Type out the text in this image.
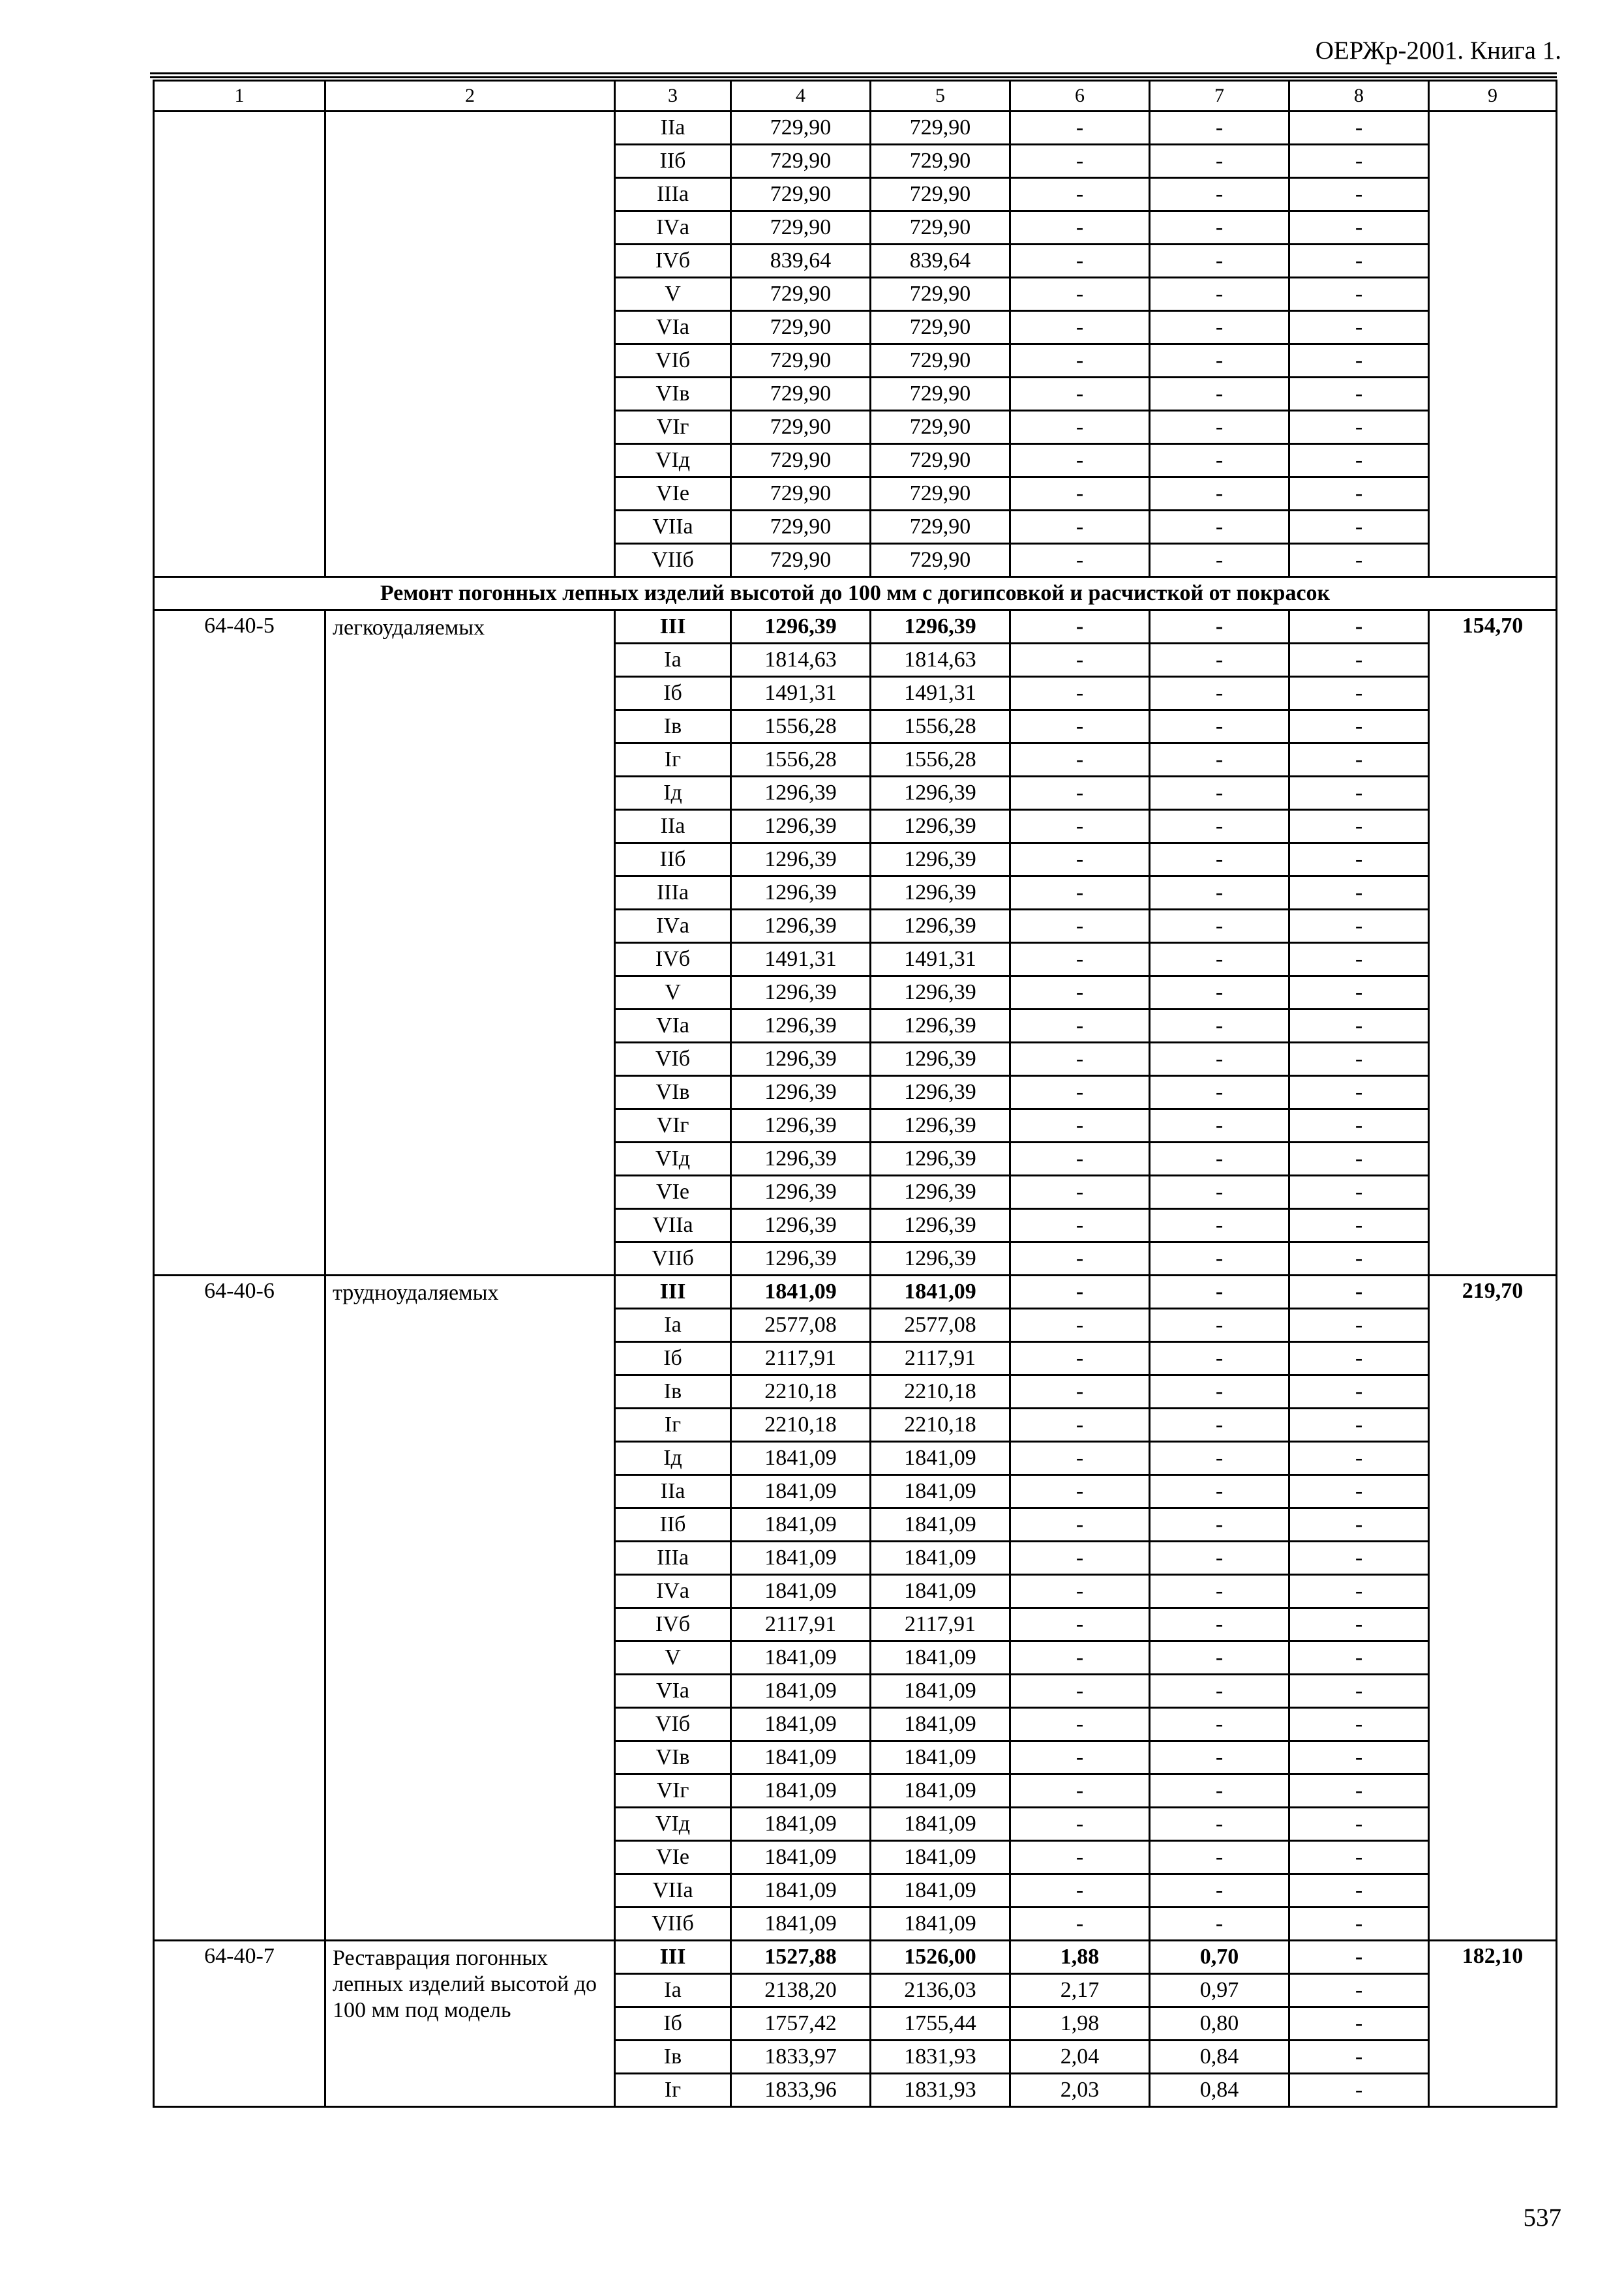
ОЕРЖр-2001. Книга 1.
1	2	3	4	5	6	7	8	9
		IIа	729,90	729,90	-	-	-	
		IIб	729,90	729,90	-	-	-	
		IIIа	729,90	729,90	-	-	-	
		IVа	729,90	729,90	-	-	-	
		IVб	839,64	839,64	-	-	-	
		V	729,90	729,90	-	-	-	
		VIа	729,90	729,90	-	-	-	
		VIб	729,90	729,90	-	-	-	
		VIв	729,90	729,90	-	-	-	
		VIг	729,90	729,90	-	-	-	
		VIд	729,90	729,90	-	-	-	
		VIе	729,90	729,90	-	-	-	
		VIIа	729,90	729,90	-	-	-	
		VIIб	729,90	729,90	-	-	-	
Ремонт погонных лепных изделий высотой до 100 мм с догипсовкой и расчисткой от покрасок								
64-40-5	легкоудаляемых	III	1296,39	1296,39	-	-	-	154,70
		Iа	1814,63	1814,63	-	-	-	
		Iб	1491,31	1491,31	-	-	-	
		Iв	1556,28	1556,28	-	-	-	
		Iг	1556,28	1556,28	-	-	-	
		Iд	1296,39	1296,39	-	-	-	
		IIа	1296,39	1296,39	-	-	-	
		IIб	1296,39	1296,39	-	-	-	
		IIIа	1296,39	1296,39	-	-	-	
		IVа	1296,39	1296,39	-	-	-	
		IVб	1491,31	1491,31	-	-	-	
		V	1296,39	1296,39	-	-	-	
		VIа	1296,39	1296,39	-	-	-	
		VIб	1296,39	1296,39	-	-	-	
		VIв	1296,39	1296,39	-	-	-	
		VIг	1296,39	1296,39	-	-	-	
		VIд	1296,39	1296,39	-	-	-	
		VIе	1296,39	1296,39	-	-	-	
		VIIа	1296,39	1296,39	-	-	-	
		VIIб	1296,39	1296,39	-	-	-	
64-40-6	трудноудаляемых	III	1841,09	1841,09	-	-	-	219,70
		Iа	2577,08	2577,08	-	-	-	
		Iб	2117,91	2117,91	-	-	-	
		Iв	2210,18	2210,18	-	-	-	
		Iг	2210,18	2210,18	-	-	-	
		Iд	1841,09	1841,09	-	-	-	
		IIа	1841,09	1841,09	-	-	-	
		IIб	1841,09	1841,09	-	-	-	
		IIIа	1841,09	1841,09	-	-	-	
		IVа	1841,09	1841,09	-	-	-	
		IVб	2117,91	2117,91	-	-	-	
		V	1841,09	1841,09	-	-	-	
		VIа	1841,09	1841,09	-	-	-	
		VIб	1841,09	1841,09	-	-	-	
		VIв	1841,09	1841,09	-	-	-	
		VIг	1841,09	1841,09	-	-	-	
		VIд	1841,09	1841,09	-	-	-	
		VIе	1841,09	1841,09	-	-	-	
		VIIа	1841,09	1841,09	-	-	-	
		VIIб	1841,09	1841,09	-	-	-	
64-40-7	Реставрация погонных лепных изделий высотой до 100 мм под модель	III	1527,88	1526,00	1,88	0,70	-	182,10
		Iа	2138,20	2136,03	2,17	0,97	-	
		Iб	1757,42	1755,44	1,98	0,80	-	
		Iв	1833,97	1831,93	2,04	0,84	-	
		Iг	1833,96	1831,93	2,03	0,84	-	
537
